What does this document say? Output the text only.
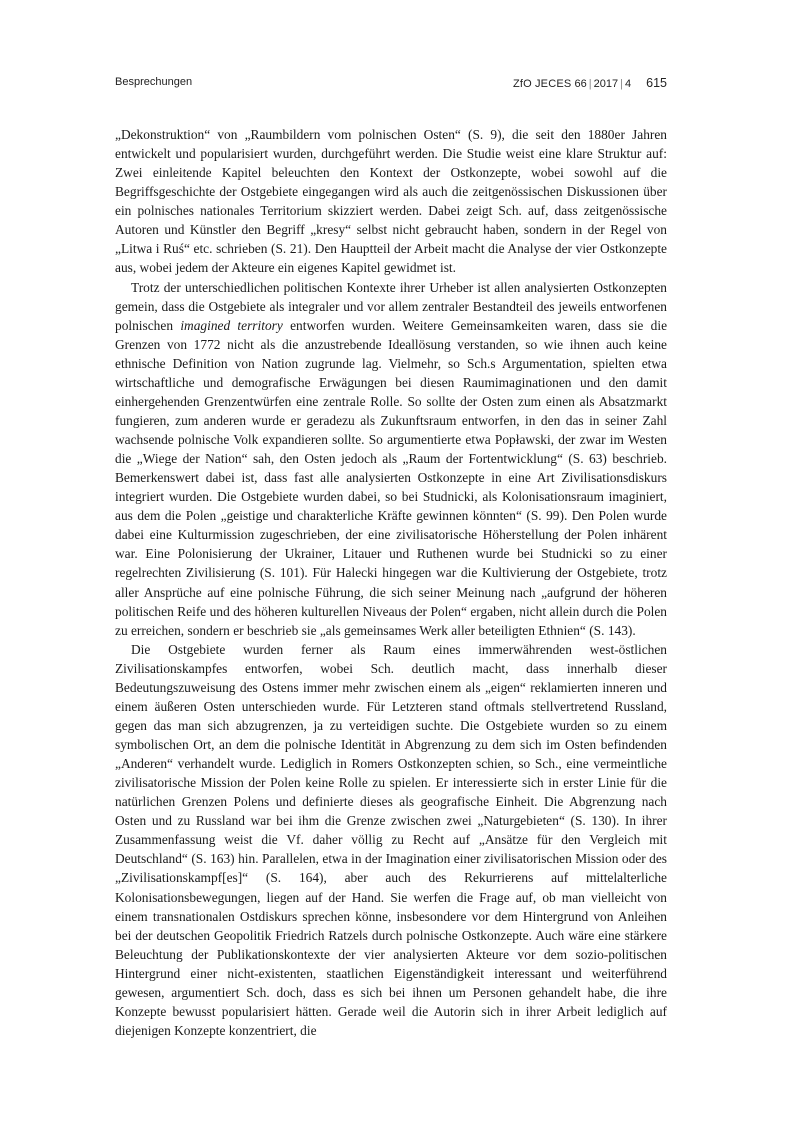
Besprechungen	ZfO JECES 66 | 2017 | 4 615

„Dekonstruktion“ von „Raumbildern vom polnischen Osten“ (S. 9), die seit den 1880er Jahren entwickelt und popularisiert wurden, durchgeführt werden. Die Studie weist eine klare Struktur auf: Zwei einleitende Kapitel beleuchten den Kontext der Ostkonzepte, wobei sowohl auf die Begriffsgeschichte der Ostgebiete eingegangen wird als auch die zeitgenössischen Diskussionen über ein polnisches nationales Territorium skizziert werden. Dabei zeigt Sch. auf, dass zeitgenössische Autoren und Künstler den Begriff „kresy“ selbst nicht gebraucht haben, sondern in der Regel von „Litwa i Ruś“ etc. schrieben (S. 21). Den Hauptteil der Arbeit macht die Analyse der vier Ostkonzepte aus, wobei jedem der Akteure ein eigenes Kapitel gewidmet ist.

Trotz der unterschiedlichen politischen Kontexte ihrer Urheber ist allen analysierten Ostkonzepten gemein, dass die Ostgebiete als integraler und vor allem zentraler Bestandteil des jeweils entworfenen polnischen imagined territory entworfen wurden. Weitere Gemeinsamkeiten waren, dass sie die Grenzen von 1772 nicht als die anzustrebende Ideallösung verstanden, so wie ihnen auch keine ethnische Definition von Nation zugrunde lag. Vielmehr, so Sch.s Argumentation, spielten etwa wirtschaftliche und demografische Erwägungen bei diesen Raumimaginationen und den damit einhergehenden Grenzentwürfen eine zentrale Rolle. So sollte der Osten zum einen als Absatzmarkt fungieren, zum anderen wurde er geradezu als Zukunftsraum entworfen, in den das in seiner Zahl wachsende polnische Volk expandieren sollte. So argumentierte etwa Popławski, der zwar im Westen die „Wiege der Nation“ sah, den Osten jedoch als „Raum der Fortentwicklung“ (S. 63) beschrieb. Bemerkenswert dabei ist, dass fast alle analysierten Ostkonzepte in eine Art Zivilisationsdiskurs integriert wurden. Die Ostgebiete wurden dabei, so bei Studnicki, als Kolonisationsraum imaginiert, aus dem die Polen „geistige und charakterliche Kräfte gewinnen könnten“ (S. 99). Den Polen wurde dabei eine Kulturmission zugeschrieben, der eine zivilisatorische Höherstellung der Polen inhärent war. Eine Polonisierung der Ukrainer, Litauer und Ruthenen wurde bei Studnicki so zu einer regelrechten Zivilisierung (S. 101). Für Halecki hingegen war die Kultivierung der Ostgebiete, trotz aller Ansprüche auf eine polnische Führung, die sich seiner Meinung nach „aufgrund der höheren politischen Reife und des höheren kulturellen Niveaus der Polen“ ergaben, nicht allein durch die Polen zu erreichen, sondern er beschrieb sie „als gemeinsames Werk aller beteiligten Ethnien“ (S. 143).

Die Ostgebiete wurden ferner als Raum eines immerwährenden west-östlichen Zivilisationskampfes entworfen, wobei Sch. deutlich macht, dass innerhalb dieser Bedeutungszuweisung des Ostens immer mehr zwischen einem als „eigen“ reklamierten inneren und einem äußeren Osten unterschieden wurde. Für Letzteren stand oftmals stellvertretend Russland, gegen das man sich abzugrenzen, ja zu verteidigen suchte. Die Ostgebiete wurden so zu einem symbolischen Ort, an dem die polnische Identität in Abgrenzung zu dem sich im Osten befindenden „Anderen“ verhandelt wurde. Lediglich in Romers Ostkonzepten schien, so Sch., eine vermeintliche zivilisatorische Mission der Polen keine Rolle zu spielen. Er interessierte sich in erster Linie für die natürlichen Grenzen Polens und definierte dieses als geografische Einheit. Die Abgrenzung nach Osten und zu Russland war bei ihm die Grenze zwischen zwei „Naturgebieten“ (S. 130). In ihrer Zusammenfassung weist die Vf. daher völlig zu Recht auf „Ansätze für den Vergleich mit Deutschland“ (S. 163) hin. Parallelen, etwa in der Imagination einer zivilisatorischen Mission oder des „Zivilisationskampf[es]“ (S. 164), aber auch des Rekurrierens auf mittelalterliche Kolonisationsbewegungen, liegen auf der Hand. Sie werfen die Frage auf, ob man vielleicht von einem transnationalen Ostdiskurs sprechen könne, insbesondere vor dem Hintergrund von Anleihen bei der deutschen Geopolitik Friedrich Ratzels durch polnische Ostkonzepte. Auch wäre eine stärkere Beleuchtung der Publikationskontexte der vier analysierten Akteure vor dem sozio-politischen Hintergrund einer nicht-existenten, staatlichen Eigenständigkeit interessant und weiterführend gewesen, argumentiert Sch. doch, dass es sich bei ihnen um Personen gehandelt habe, die ihre Konzepte bewusst popularisiert hätten. Gerade weil die Autorin sich in ihrer Arbeit lediglich auf diejenigen Konzepte konzentriert, die
